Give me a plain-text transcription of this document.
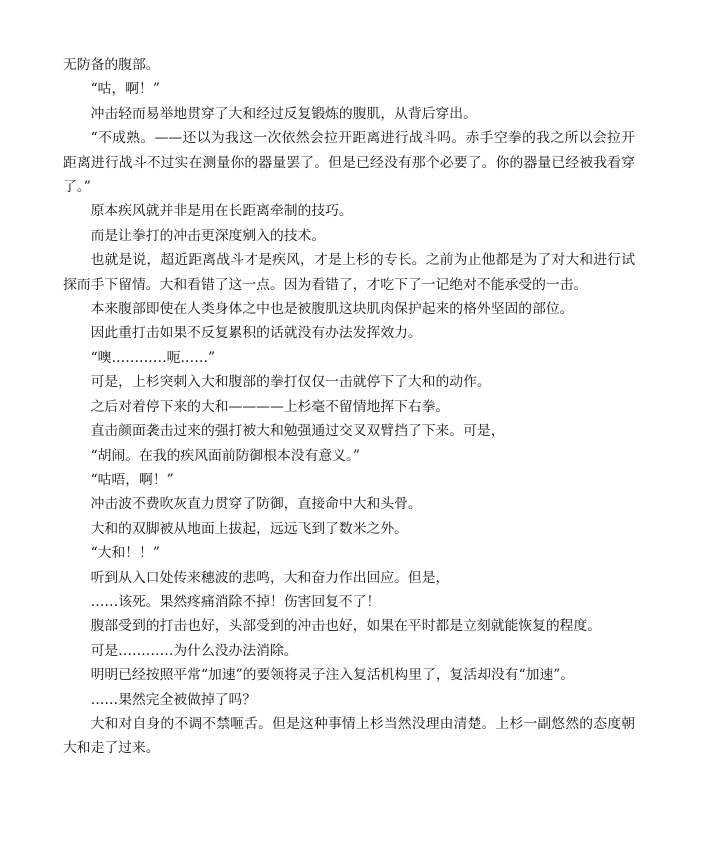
无防备的腹部。

“咕，啊！”

冲击轻而易举地贯穿了大和经过反复锻炼的腹肌，从背后穿出。

“不成熟。——还以为我这一次依然会拉开距离进行战斗吗。赤手空拳的我之所以会拉开距离进行战斗不过实在测量你的器量罢了。但是已经没有那个必要了。你的器量已经被我看穿了。”

原本疾风就并非是用在长距离牵制的技巧。

而是让拳打的冲击更深度剜入的技术。

也就是说，超近距离战斗才是疾风，才是上杉的专长。之前为止他都是为了对大和进行试探而手下留情。大和看错了这一点。因为看错了，才吃下了一记绝对不能承受的一击。

本来腹部即使在人类身体之中也是被腹肌这块肌肉保护起来的格外坚固的部位。

因此重打击如果不反复累积的话就没有办法发挥效力。

“噢…………呃……”

可是，上杉突刺入大和腹部的拳打仅仅一击就停下了大和的动作。

之后对着停下来的大和————上杉毫不留情地挥下右拳。

直击颜面袭击过来的强打被大和勉强通过交叉双臂挡了下来。可是，

“胡闹。在我的疾风面前防御根本没有意义。”

“咕唔，啊！”

冲击波不费吹灰直力贯穿了防御，直接命中大和头骨。

大和的双脚被从地面上拔起，远远飞到了数米之外。

“大和！！”

听到从入口处传来穗波的悲鸣，大和奋力作出回应。但是，

……该死。果然疼痛消除不掉！伤害回复不了！

腹部受到的打击也好，头部受到的冲击也好，如果在平时都是立刻就能恢复的程度。

可是…………为什么没办法消除。

明明已经按照平常“加速”的要领将灵子注入复活机构里了，复活却没有“加速”。

……果然完全被做掉了吗？

大和对自身的不调不禁咂舌。但是这种事情上杉当然没理由清楚。上杉一副悠然的态度朝大和走了过来。
